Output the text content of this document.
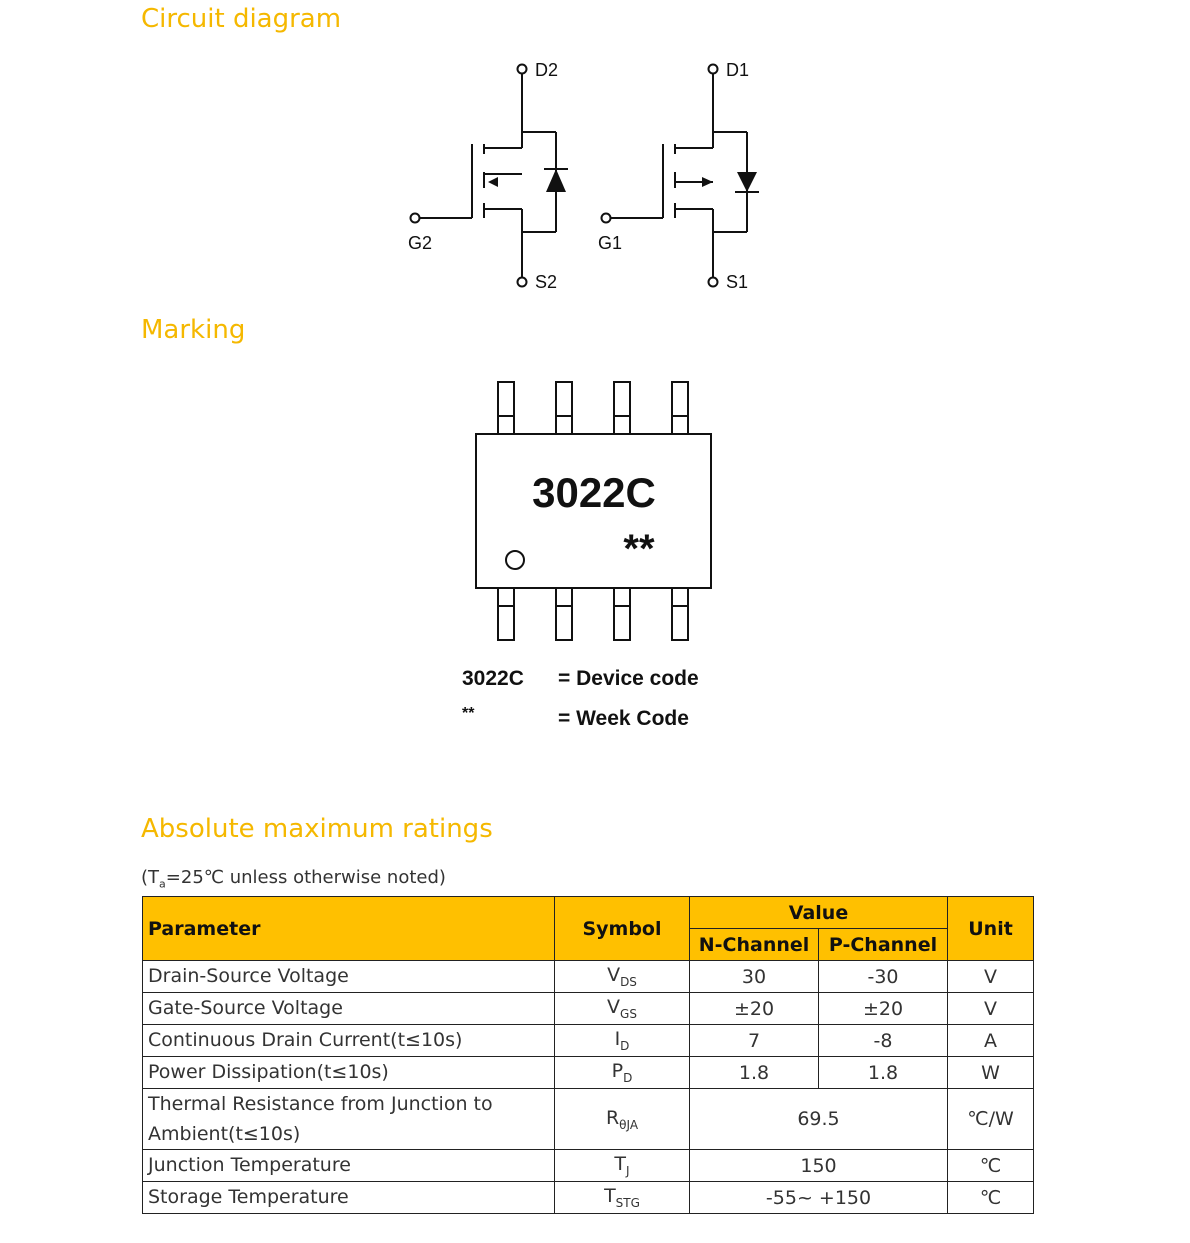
Circuit diagram
D2
G2
S2
D1
G1
S1
Marking
3022C
**
3022C = Device code
**	= Week Code
Absolute maximum ratings
($T_a=25℃$ unless otherwise noted)
Parameter	Symbol	Value		Unit
		N-Channel	P-Channel	
Drain-Source Voltage	$V_{DS}$	30	-30	V
Gate-Source Voltage	$V_{GS}$	±20	±20	V
Continuous Drain Current(t≤10s)	$I_D$	7	-8	A
Power Dissipation(t≤10s)	$P_D$	1.8	1.8	W
Thermal Resistance from Junction to Ambient(t≤10s)	$R_{\theta JA}$	69.5		℃/W
Junction Temperature	$T_J$	150		℃
Storage Temperature	$T_{STG}$	-55~ +150		℃
